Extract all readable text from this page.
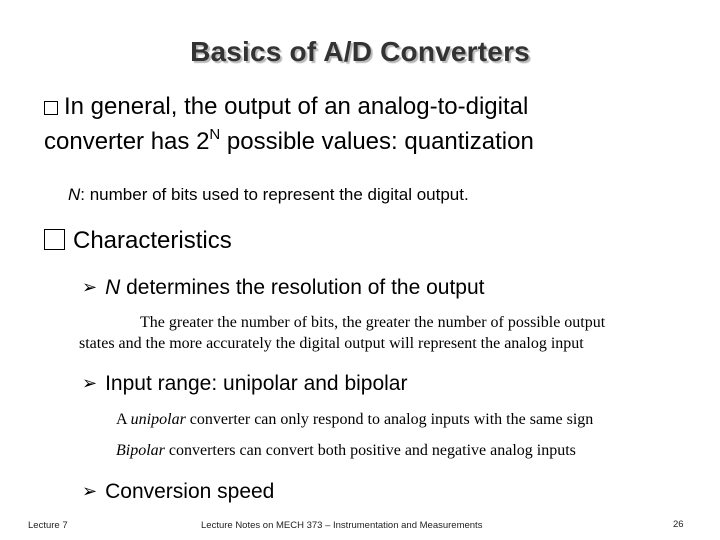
Basics of A/D Converters
In general, the output of an analog-to-digital
converter has $2^N$ possible values: quantization
N: number of bits used to represent the digital output.
Characteristics
➢ N determines the resolution of the output
The greater the number of bits, the greater the number of possible output
states and the more accurately the digital output will represent the analog input
➢ Input range: unipolar and bipolar
A unipolar converter can only respond to analog inputs with the same sign
Bipolar converters can convert both positive and negative analog inputs
➢ Conversion speed
Lecture 7	Lecture Notes on MECH 373 – Instrumentation and Measurements	26
